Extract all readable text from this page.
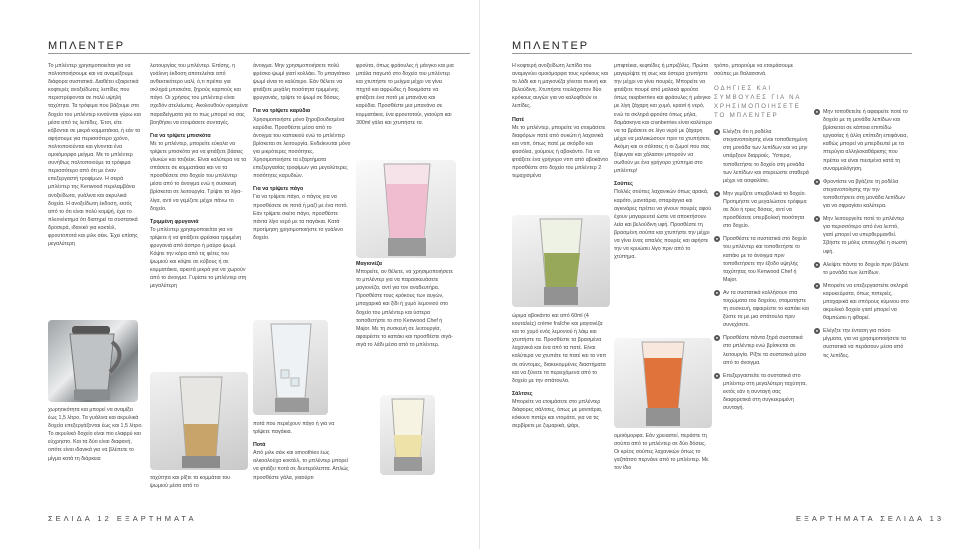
ΜΠΛΕΝΤΕΡ

Το μπλέντερ χρησιμοποιείται για να πολτοποιήσουμε και να αναμείξουμε διάφορα συστατικά. Διαθέτει εξαιρετικά κοφτερές ανοξείδωτες λεπίδες που περιστρέφονται σε πολύ υψηλή ταχύτητα. Τα τρόφιμα που βάζουμε στο δοχείο του μπλέντερ κινούνται γύρω και μέσα από τις λεπίδες. Έτσι, είτε κόβονται σε μικρά κομματάκια, ή εάν τα αφήσουμε για περισσότερο χρόνο, πολτοποιούνται και γίνονται ένα ομοιόμορφο μείγμα. Με το μπλέντερ συνήθως πολτοποιούμε τα τρόφιμα περισσότερο από ότι με έναν επεξεργαστή τροφίμων. Η σειρά μπλέντερ της Kenwood περιλαμβάνει ανοξείδωτα, γυάλινα και ακρυλικά δοχεία. Η ανοξείδωτη έκδοση, εκτός από το ότι είναι πολύ κομψή, έχει το πλεονέκτημα ότι διατηρεί τα συστατικά δροσερά, ιδανικό για κοκτέιλ, φρουτοποτά και μιλκ σέικ. Έχει επίσης μεγαλύτερη

χωρητικότητα και μπορεί να αναμίξει έως 1,5 λίτρο. Τα γυάλινα και ακρυλικά δοχεία επεξεργάζονται έως και 1,5 λίτρο. Το ακρυλικό δοχείο είναι πιο ελαφρύ και εύχρηστο. Και τα δύο είναι διαφανή, οπότε είναι ιδανικά για να βλέπετε το μίγμα κατά τη διάρκεια

λειτουργίας του μπλέντερ. Επίσης, η γυάλινη έκδοση αποτελείται από ανθεκτικότερο υαλί, ό,τι πρέπει για σκληρά μπισκότα, ξηρούς καρπούς και πάγο. Οι χρήσεις του μπλέντερ είναι σχεδόν ατελείωτες. Ακολουθούν ορισμένα παραδείγματα για το πως μπορεί να σας βοηθήσει να ετοιμάσετε συνταγές.

Για να τρίψετε μπισκότα

Με το μπλέντερ, μπορείτε εύκολα να τρίψετε μπισκότα για να φτιάξετε βάσεις γλυκών και τσιζκέικ. Είναι καλύτερα να τα σπάσετε σε κομματάκια και να τα προσθέσετε στο δοχείο του μπλέντερ μέσα από το άνοιγμα ενώ η συσκευή βρίσκεται σε λειτουργία. Τρίψτε τα λίγα-λίγα, αντί να γεμίζετε μέχρι πάνω το δοχείο.

Τριμμένη φρυγανιά

Το μπλέντερ χρησιμοποιείται για να τρίψετε ή να φτιάξετε φρέσκια τριμμένη φρυγανιά από άσπρο ή μαύρο ψωμί. Κόψτε την κόρα από τις φέτες του ψωμιού και κόψτε σε κύβους ή σε κομματάκια, αρκετά μικρά για να χωρούν από το άνοιγμα. Γυρίστε το μπλέντερ στη μεγαλύτερη

ταχύτητα και ρίξτε τα κομμάτια του ψωμιού μέσα από το

άνοιγμα. Μην χρησιμοποιήσετε πολύ φρέσκο ψωμί γιατί κολλάει. Το μπαγιάτικο ψωμί είναι το καλύτερο. Εάν θέλετε να φτιάξετε μεγάλη ποσότητα τριμμένης φρυγανιάς, τρίψτε το ψωμί σε δόσεις.

Για να τρίψετε καρύδια

Χρησιμοποιήστε μόνο ξηροβουδισμένα καρύδια. Προσθέστε μέσα από το άνοιγμα του καπακιού ενώ το μπλέντερ βρίσκεται σε λειτουργία. Ενδείκνυται μόνο για μικρότερες ποσότητες. Χρησιμοποιήστε τα εξαρτήματα επεξεργασίας τροφίμων για μεγαλύτερες ποσότητες καρυδιών.

Για να τρίψετε πάγο

Για να τρίψετε πάγο, ο πάγος για να προσθέσετε σε ποτά ή μαζί με ένα ποτό. Εάν τρίψετε σκέτο πάγο, προσθέστε πάντα λίγο νερό με τα παγάκια. Κατά προτίμηση χρησιμοποιήστε το γυάλινο δοχείο.

ποτά που περιέχουν πάγο ή για να τρίψετε παγάκια.

Ποτά

Από μιλκ σέικ και smoothies έως αλκοολούχα κοκτέιλ, το μπλέντερ μπορεί να φτιάξει ποτά σε δευτερόλεπτα. Απλώς προσθέστε γάλα, γιαούρτι

φρούτα, όπως φράουλες ή μάνγκο και μια μπάλα παγωτό στο δοχείο του μπλέντερ και χτυπήστε το μείγμα μέχρι να γίνει πηχτό και αφρώδες ή δοκιμάστε να φτιάξετε ένα ποτό με μπανάνα και καρύδια. Προσθέστε μια μπανάνα σε κομματάκια, ένα φρουτοτούι, γιαούρτι και 300ml γάλα και χτυπήστε τα.

Μαγιονέζα

Μπορείτε, αν θέλετε, να χρησιμοποιήσετε το μπλέντερ για να παρασκευάσετε μαγιονέζα, αντί για τον αναδευτήρα. Προσθέστε τους κρόκους των αυγών, μπαχαρικά και ξίδι ή χυμό λεμονιού στο δοχείο του μπλέντερ και ύστερα τοποθετήστε το στο Kenwood Chef ή Major. Με τη συσκευή σε λειτουργία, αφαιρέστε το καπάκι και προσθέστε σιγά-σιγά το λάδι μέσα από το μπλέντερ.

ΣΕΛΙΔΑ 12 ΕΞΑΡΤΗΜΑΤΑ
ΜΠΛΕΝΤΕΡ

Η κοφτερή ανοξείδωτη λεπίδα του αναμιγνύει ομοιόμορφα τους κρόκους και το λάδι και η μαγιονέζα γίνεται πυκνή και βελούδινη. Χτυπήστε τουλάχιστον δύο κρόκους αυγών για να καλυφθούν οι λεπίδες.

Πατέ

Με το μπλέντερ, μπορείτε να ετοιμάσετε διαφόρων πατέ από συκώτι ή λαχανικά και ντιπ, όπως πατέ με σκόρδο και φασόλια, χούμους ή αβοκάντο. Για να φτιάξετε ένα γρήγορο ντιπ από αβοκάντο προσθέστε στο δοχείο του μπλέντερ 2 τεμαχισμένα

ώριμα αβοκάντο και από 60ml (4 κουταλιές) crème fraîche και μαγιονέζα και το χυμό ενός λεμονιού ή λάιμ και χτυπήστε τα. Προσθέστε τα βρασμένα λαχανικά και ένα από τα πατέ. Είναι καλύτερα να χτυπάτε τα πατέ και τα ντιπ σε σύντομες, διακεκομμένες διαστήματα και να ξύνετε τα περιεχόμενα από το δοχείο με την σπάτουλα.

Σάλτσες

Μπορείτε να ετοιμάσετε στο μπλέντερ διάφορες σάλτσες, όπως με μανιτάρια, κόκκινο πιπέρι και ντομάτα, για να τις σερβίρετε με ζυμαρικά, ψάρι,

μπιφτέκια, κεφτέδες ή μπριζόλες. Πρώτα μαγειρέψτε τη σως και ύστερα χτυπήστε την μέχρι να γίνει πουρές. Μπορείτε να φτιάξετε πουρέ από μαλακά φρούτα όπως raspberries και φράουλες ή μάνγκο με λίγη ζάχαρη και χυμό, κρασί ή νερό, ενώ τα σκληρά φρούτα όπως μήλα, δαμάσκηνα και cranberries είναι καλύτερο να τα βράσετε σε λίγο νερό με ζάχαρη μέχρι να μαλακώσουν πριν τα χτυπήσετε. Ακόμη και οι σάλτσες ή οι ζωμοί που σας ξέφυγαν και χάλασαν μπορούν να σωθούν με ένα γρήγορο χτύπημα στο μπλέντερ!

Σούπες

Πολλές σούπες λαχανικών όπως αρακά, καρότο, μανιτάρια, σπαράγγια και αγκινάρες πρέπει να γίνουν πουρές αφού έχουν μαγειρευτεί ώστε να αποκτήσουν λεία και βελούδινη υφή. Προσθέστε τη βρασμένη σούπα και χτυπήστε την μέχρι να γίνει ένας απαλός πουρές και αφήστε την να κρυώσει λίγο πριν από το χτύπημα.

ομοιόμορφα. Εάν χρειαστεί, περάστε τη σούπα από το μπλέντερ σε δύο δόσεις. Οι κρέος σούπες λαχανικών όπως το γαζπάτσο περνάνε από το μπλέντερ. Με τον ίδιο

τρόπο, μπορούμε να ετοιμάσουμε σούπες με θαλασσινά.

ΟΔΗΓΙΕΣ ΚΑΙ ΣΥΜΒΟΥΛΕΣ ΓΙΑ ΝΑ ΧΡΗΣΙΜΟΠΟΙΗΣΕΤΕ ΤΟ ΜΠΛΕΝΤΕΡ
● Ελέγξτε ότι η ροδέλα στεγανοποίησης είναι τοποθετημένη στη μονάδα των λεπίδων και να μην υπάρξουν διαρροές. Ύστερα, τοποθετήστε το δοχείο στη μονάδα των λεπίδων και στερεώστε σταθερά μέχρι να ασφαλίσει.
● Μην γεμίζετε υπερβολικά το δοχείο. Προτιμήστε να μεγαλώσετε τρόφιμα σε δύο ή τρεις δόσεις, αντί να προσθέσετε υπερβολική ποσότητα στο δοχείο.
● Προσθέστε τα συστατικά στο δοχείο του μπλέντερ και τοποθετήστε το καπάκι με το άνοιγμα πριν τοποθετήσετε την έξοδο υψηλής ταχύτητας του Kenwood Chef ή Major.
● Αν τα συστατικά κολλήσουν στα τοιχώματα του δοχείου, σταματήστε τη συσκευή, αφαιρέστε το καπάκι και ξύστε τα με μια σπάτουλα πριν συνεχίσετε.
● Προσθέστε πάντα ξηρά συστατικά στο μπλέντερ ενώ βρίσκεται σε λειτουργία. Ρίξτε τα συστατικά μέσα από το άνοιγμα.
● Επεξεργαστείτε τα συστατικά στο μπλέντερ στη μεγαλύτερη ταχύτητα, εκτός εάν η συνταγή σας διαφορετικά στη συγκεκριμένη συνταγή.
● Μην τοποθετείτε ή αφαιρείτε ποτέ το δοχείο με τη μονάδα λεπίδων και βρίσκεται σε κάποια επιπέδω εργασίας ή άλλη επίπεδη επιφάνεια, καθώς μπορεί να μπερδευτεί με τα πτερύγια αλληλοκαθάρισης που πρέπει να είναι πιεσμένα κατά τη συναρμολόγηση.
● Φροντίστε να βγάζετε τη ροδέλα στεγανοποίησης την την τοποθετήσετε στη μονάδα λεπίδων για να σφραγίσει καλύτερα.
● Μην λειτουργείτε ποτέ το μπλέντερ για περισσότερο από ένα λεπτό, γιατί μπορεί να υπερθερμανθεί. Σβήστε το μόλις επιτευχθεί η σωστή υφή.
● Αλείψτε πάντα το δοχείο πριν βάλετε το μονάδα των λεπίδων.
● Μπορείτε να επεξεργαστείτε σκληρά καρυκεύματα, όπως πιπεριές, μπαχαρικά και σπόρους κύμινου στο ακρυλικό δοχείο γιατί μπορεί να θαμπώσει η φθαρεί.
● Ελέγξτε την ένταση για πόσο μίγματα, για να χρησιμοποιήσετε τα συστατικά να περάσουν μέσα από τις λεπίδες.
ΕΞΑΡΤΗΜΑΤΑ ΣΕΛΙΔΑ 13
